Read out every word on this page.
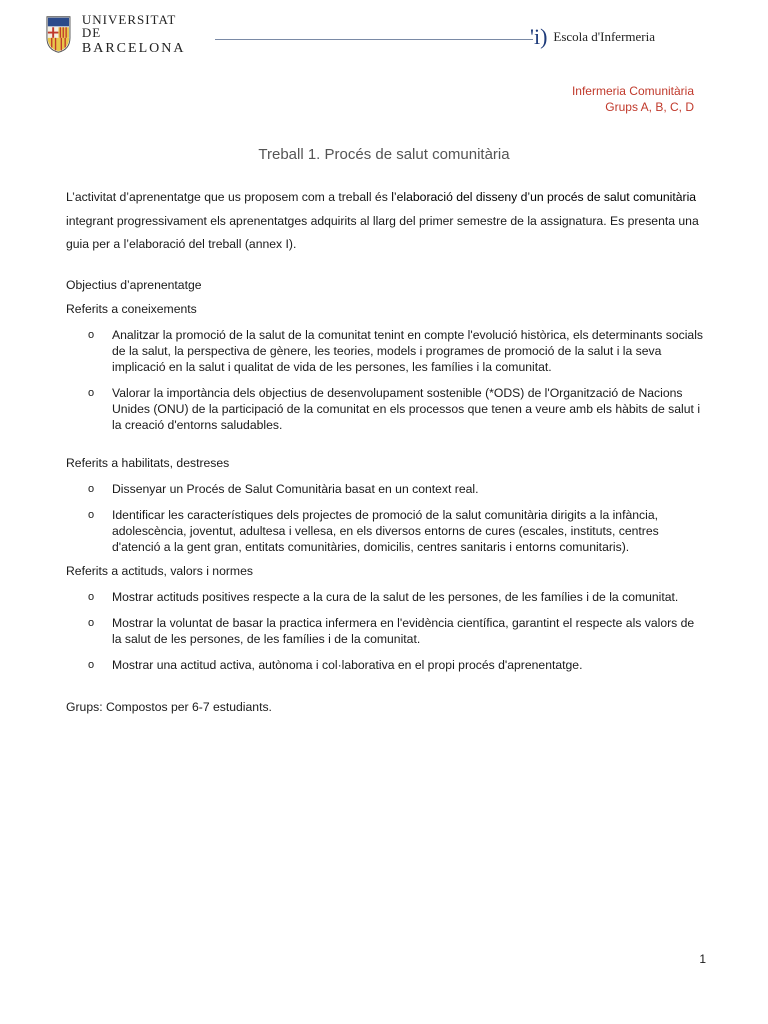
UNIVERSITAT DE
BARCELONA	'i) Escola d'Infermeria
Infermeria Comunitària
Grups A, B, C, D
Treball 1. Procés de salut comunitària

L’activitat d’aprenentatge que us proposem com a treball és l’elaboració del disseny d’un procés de salut comunitària integrant progressivament els aprenentatges adquirits al llarg del primer semestre de la assignatura. Es presenta una guia per a l’elaboració del treball (annex I).

Objectius d’aprenentatge
Referits a coneixements
o Analitzar la promoció de la salut de la comunitat tenint en compte l'evolució històrica, els determinants socials de la salut, la perspectiva de gènere, les teories, models i programes de promoció de la salut i la seva implicació en la salut i qualitat de vida de les persones, les famílies i la comunitat.
o Valorar la importància dels objectius de desenvolupament sostenible (*ODS) de l'Organització de Nacions Unides (ONU) de la participació de la comunitat en els processos que tenen a veure amb els hàbits de salut i la creació d'entorns saludables.
Referits a habilitats, destreses
o Dissenyar un Procés de Salut Comunitària basat en un context real.
o Identificar les característiques dels projectes de promoció de la salut comunitària dirigits a la infància, adolescència, joventut, adultesa i vellesa, en els diversos entorns de cures (escales, instituts, centres d'atenció a la gent gran, entitats comunitàries, domicilis, centres sanitaris i entorns comunitaris).
Referits a actituds, valors i normes
o Mostrar actituds positives respecte a la cura de la salut de les persones, de les famílies i de la comunitat.
o Mostrar la voluntat de basar la practica infermera en l'evidència científica, garantint el respecte als valors de la salut de les persones, de les famílies i de la comunitat.
o Mostrar una actitud activa, autònoma i col·laborativa en el propi procés d'aprenentatge.
Grups: Compostos per 6-7 estudiants.
1
